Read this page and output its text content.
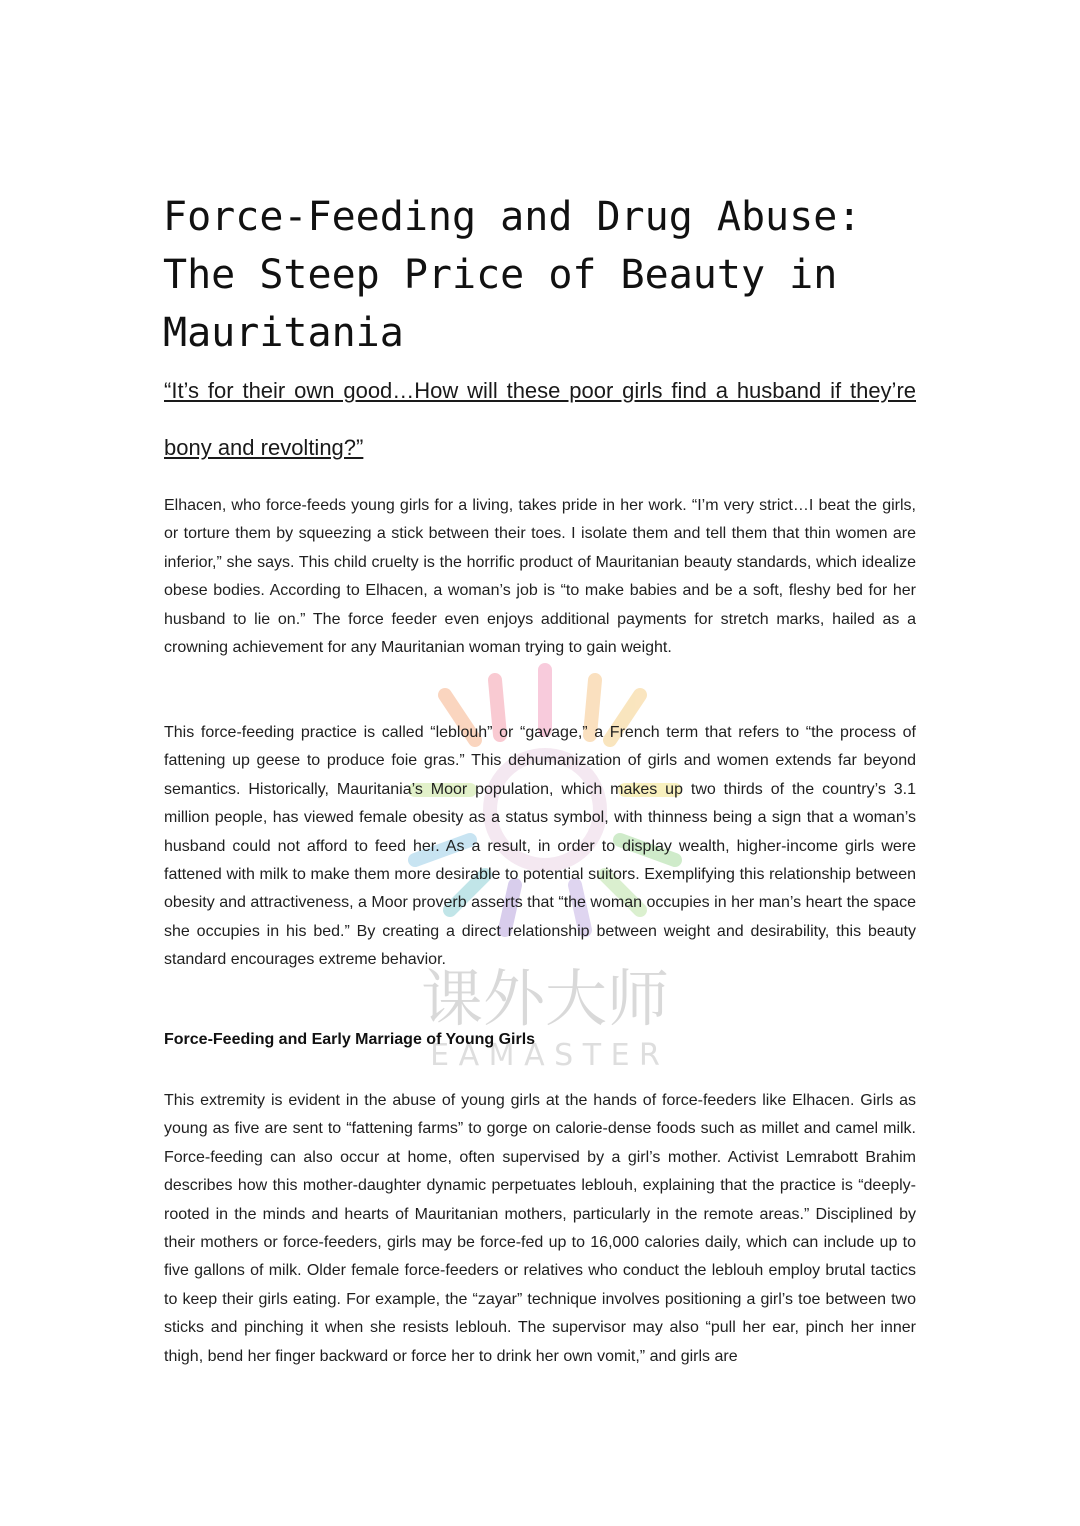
课外大师
E A M A S T E R
Force-Feeding and Drug Abuse: The Steep Price of Beauty in Mauritania

“It’s for their own good…How will these poor girls find a husband if they’re bony and revolting?”

Elhacen, who force-feeds young girls for a living, takes pride in her work. “I’m very strict…I beat the girls, or torture them by squeezing a stick between their toes. I isolate them and tell them that thin women are inferior,” she says. This child cruelty is the horrific product of Mauritanian beauty standards, which idealize obese bodies. According to Elhacen, a woman’s job is “to make babies and be a soft, fleshy bed for her husband to lie on.” The force feeder even enjoys additional payments for stretch marks, hailed as a crowning achievement for any Mauritanian woman trying to gain weight.

This force-feeding practice is called “leblouh” or “gavage,” a French term that refers to “the process of fattening up geese to produce foie gras.” This dehumanization of girls and women extends far beyond semantics. Historically, Mauritania’s Moor population, which makes up two thirds of the country’s 3.1 million people, has viewed female obesity as a status symbol, with thinness being a sign that a woman’s husband could not afford to feed her. As a result, in order to display wealth, higher-income girls were fattened with milk to make them more desirable to potential suitors. Exemplifying this relationship between obesity and attractiveness, a Moor proverb asserts that “the woman occupies in her man’s heart the space she occupies in his bed.” By creating a direct relationship between weight and desirability, this beauty standard encourages extreme behavior.

Force-Feeding and Early Marriage of Young Girls

This extremity is evident in the abuse of young girls at the hands of force-feeders like Elhacen. Girls as young as five are sent to “fattening farms” to gorge on calorie-dense foods such as millet and camel milk. Force-feeding can also occur at home, often supervised by a girl’s mother. Activist Lemrabott Brahim describes how this mother-daughter dynamic perpetuates leblouh, explaining that the practice is “deeply-rooted in the minds and hearts of Mauritanian mothers, particularly in the remote areas.” Disciplined by their mothers or force-feeders, girls may be force-fed up to 16,000 calories daily, which can include up to five gallons of milk. Older female force-feeders or relatives who conduct the leblouh employ brutal tactics to keep their girls eating. For example, the “zayar” technique involves positioning a girl’s toe between two sticks and pinching it when she resists leblouh. The supervisor may also “pull her ear, pinch her inner thigh, bend her finger backward or force her to drink her own vomit,” and girls are
